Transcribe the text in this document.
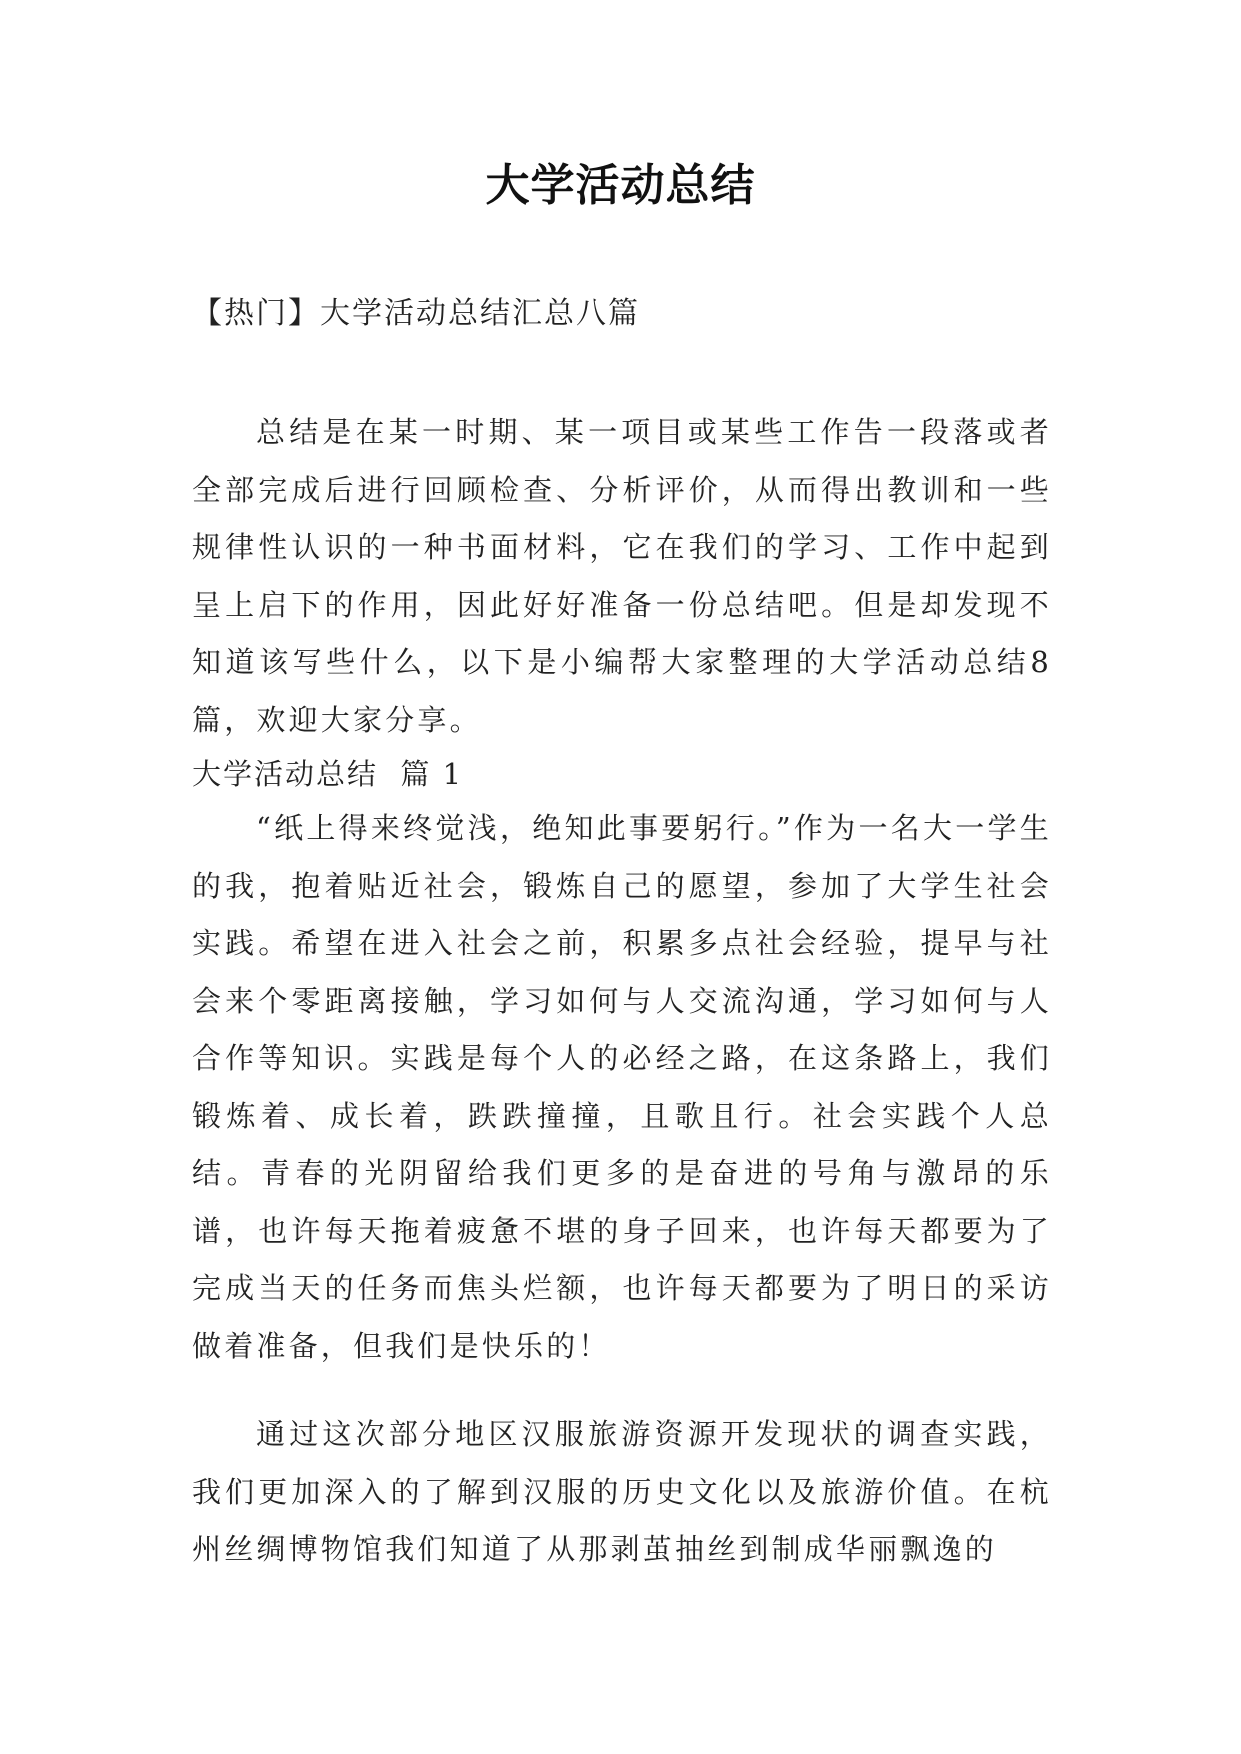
大学活动总结

【热门】大学活动总结汇总八篇

总结是在某一时期、某一项目或某些工作告一段落或者全部完成后进行回顾检查、分析评价，从而得出教训和一些规律性认识的一种书面材料，它在我们的学习、工作中起到呈上启下的作用，因此好好准备一份总结吧。但是却发现不知道该写些什么，以下是小编帮大家整理的大学活动总结8篇，欢迎大家分享。

大学活动总结  篇 1

“纸上得来终觉浅，绝知此事要躬行。”作为一名大一学生的我，抱着贴近社会，锻炼自己的愿望，参加了大学生社会实践。希望在进入社会之前，积累多点社会经验，提早与社会来个零距离接触，学习如何与人交流沟通，学习如何与人合作等知识。实践是每个人的必经之路，在这条路上，我们锻炼着、成长着，跌跌撞撞，且歌且行。社会实践个人总结。青春的光阴留给我们更多的是奋进的号角与激昂的乐谱，也许每天拖着疲惫不堪的身子回来，也许每天都要为了完成当天的任务而焦头烂额，也许每天都要为了明日的采访做着准备，但我们是快乐的！

通过这次部分地区汉服旅游资源开发现状的调查实践，我们更加深入的了解到汉服的历史文化以及旅游价值。在杭州丝绸博物馆我们知道了从那剥茧抽丝到制成华丽飘逸的
